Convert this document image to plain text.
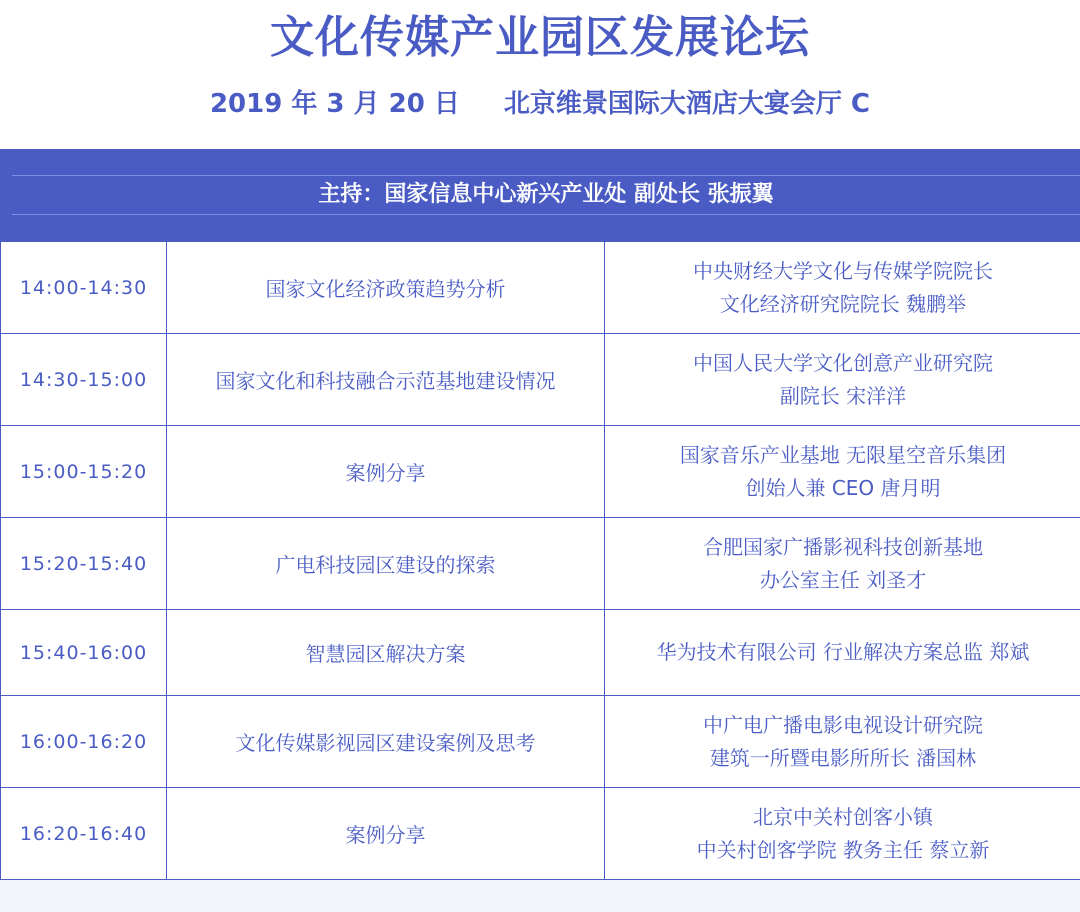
文化传媒产业园区发展论坛
2019 年 3 月 20 日 北京维景国际大酒店大宴会厅 C
主持：国家信息中心新兴产业处 副处长 张振翼
14:00-14:30	国家文化经济政策趋势分析	中央财经大学文化与传媒学院院长
文化经济研究院院长 魏鹏举

14:30-15:00	国家文化和科技融合示范基地建设情况	中国人民大学文化创意产业研究院
副院长 宋洋洋

15:00-15:20	案例分享	国家音乐产业基地 无限星空音乐集团
创始人兼 CEO 唐月明

15:20-15:40	广电科技园区建设的探索	合肥国家广播影视科技创新基地
办公室主任 刘圣才

15:40-16:00	智慧园区解决方案	华为技术有限公司 行业解决方案总监 郑斌

16:00-16:20	文化传媒影视园区建设案例及思考	中广电广播电影电视设计研究院
建筑一所暨电影所所长 潘国林

16:20-16:40	案例分享	北京中关村创客小镇
中关村创客学院 教务主任 蔡立新
